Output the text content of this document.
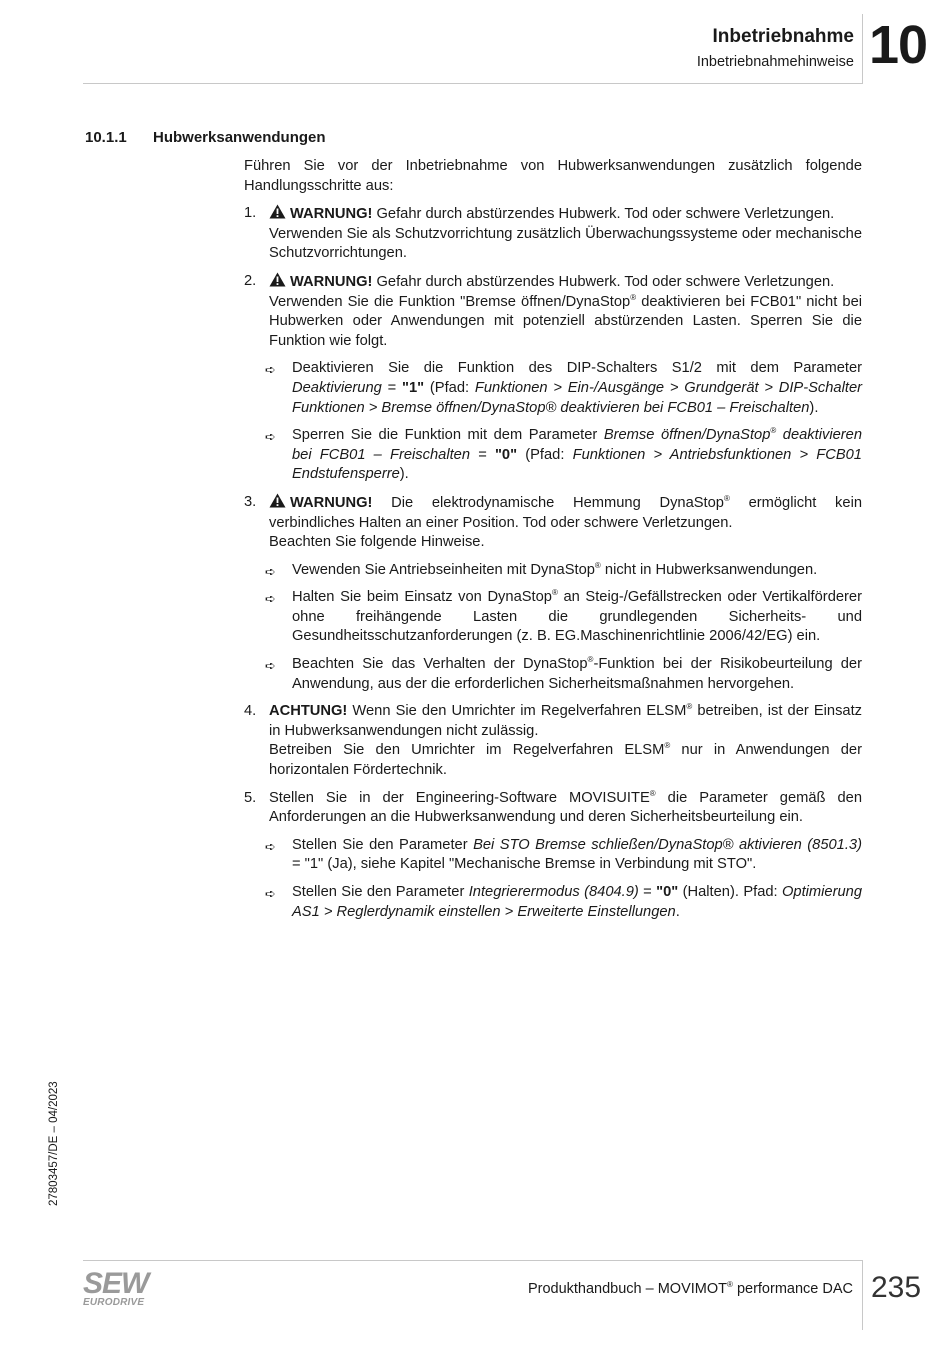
Inbetriebnahme
Inbetriebnahmehinweise 10
10.1.1 Hubwerksanwendungen

Führen Sie vor der Inbetriebnahme von Hubwerksanwendungen zusätzlich folgende Handlungsschritte aus:

1.	WARNUNG! Gefahr durch abstürzendes Hubwerk. Tod oder schwere Verletzungen.
Verwenden Sie als Schutzvorrichtung zusätzlich Überwachungssysteme oder mechanische Schutzvorrichtungen.

2.	WARNUNG! Gefahr durch abstürzendes Hubwerk. Tod oder schwere Verletzungen.
Verwenden Sie die Funktion "Bremse öffnen/DynaStop® deaktivieren bei FCB01" nicht bei Hubwerken oder Anwendungen mit potenziell abstürzenden Lasten. Sperren Sie die Funktion wie folgt.

➪ Deaktivieren Sie die Funktion des DIP-Schalters S1/2 mit dem Parameter Deaktivierung = "1" (Pfad: Funktionen > Ein-/Ausgänge > Grundgerät > DIP-Schalter Funktionen > Bremse öffnen/DynaStop® deaktivieren bei FCB01 – Freischalten).
➪ Sperren Sie die Funktion mit dem Parameter Bremse öffnen/DynaStop® deaktivieren bei FCB01 – Freischalten = "0" (Pfad: Funktionen > Antriebsfunktionen > FCB01 Endstufensperre).
3.	WARNUNG! Die elektrodynamische Hemmung DynaStop® ermöglicht kein verbindliches Halten an einer Position. Tod oder schwere Verletzungen.
Beachten Sie folgende Hinweise.

➪ Vewenden Sie Antriebseinheiten mit DynaStop® nicht in Hubwerksanwendungen.
➪ Halten Sie beim Einsatz von DynaStop® an Steig-/Gefällstrecken oder Vertikalförderer ohne freihängende Lasten die grundlegenden Sicherheits- und Gesundheitsschutzanforderungen (z. B. EG.Maschinenrichtlinie 2006/42/EG) ein.
➪ Beachten Sie das Verhalten der DynaStop®-Funktion bei der Risikobeurteilung der Anwendung, aus der die erforderlichen Sicherheitsmaßnahmen hervorgehen.
4. ACHTUNG! Wenn Sie den Umrichter im Regelverfahren ELSM® betreiben, ist der Einsatz in Hubwerksanwendungen nicht zulässig.
Betreiben Sie den Umrichter im Regelverfahren ELSM® nur in Anwendungen der horizontalen Fördertechnik.

5. Stellen Sie in der Engineering-Software MOVISUITE® die Parameter gemäß den Anforderungen an die Hubwerksanwendung und deren Sicherheitsbeurteilung ein.

➪ Stellen Sie den Parameter Bei STO Bremse schließen/DynaStop® aktivieren (8501.3) = "1" (Ja), siehe Kapitel "Mechanische Bremse in Verbindung mit STO".
➪ Stellen Sie den Parameter Integrierermodus (8404.9) = "0" (Halten). Pfad: Optimierung AS1 > Reglerdynamik einstellen > Erweiterte Einstellungen.
27803457/DE – 04/2023
SEW
EURODRIVE
Produkthandbuch – MOVIMOT® performance DAC 235
